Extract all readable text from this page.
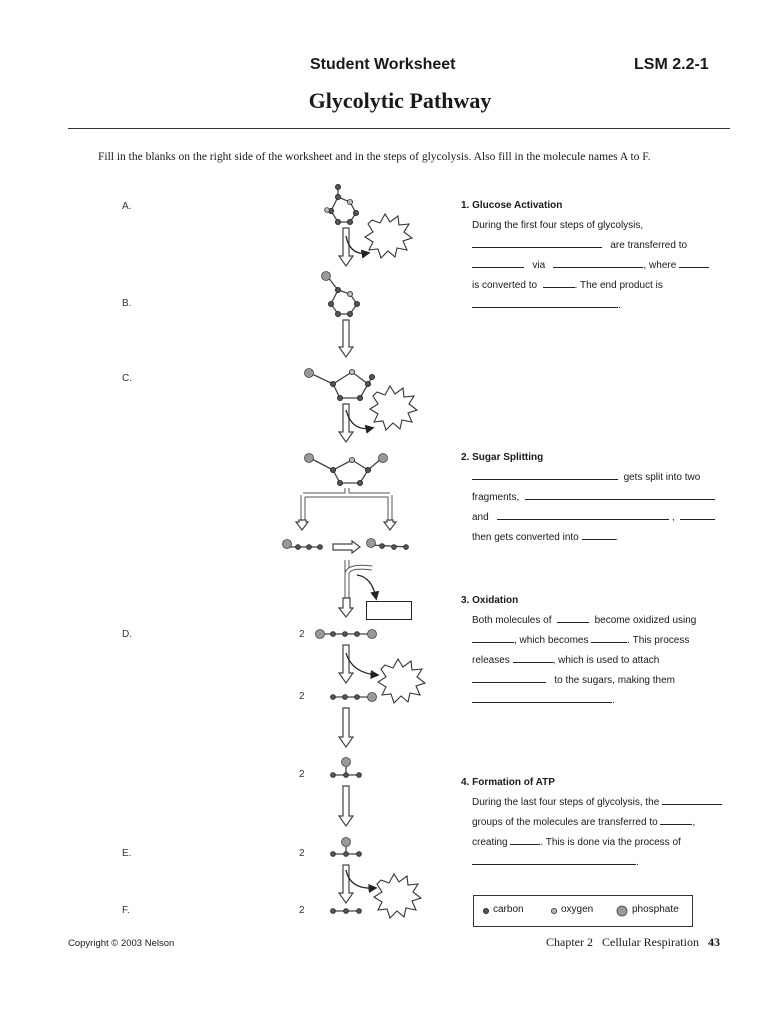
Student Worksheet	LSM 2.2-1
Glycolytic Pathway
Fill in the blanks on the right side of the worksheet and in the steps of glycolysis. Also fill in the molecule names A to F.
A.
B.
C.
D.
E.
F.
2
2
2
2
2
1. Glucose Activation
During the first four steps of glycolysis,
are transferred to
via	, where
is converted to	. The end product is
.
2. Sugar Splitting
gets split into two
fragments,
and	,
then gets converted into	.
3. Oxidation
Both molecules of	become oxidized using
, which becomes	. This process
releases	, which is used to attach
to the sugars, making them
.
4. Formation of ATP
During the last four steps of glycolysis, the
groups of the molecules are transferred to	,
creating	. This is done via the process of
.
carbon	oxygen	phosphate
Copyright © 2003 Nelson	Chapter 2 Cellular Respiration 43
